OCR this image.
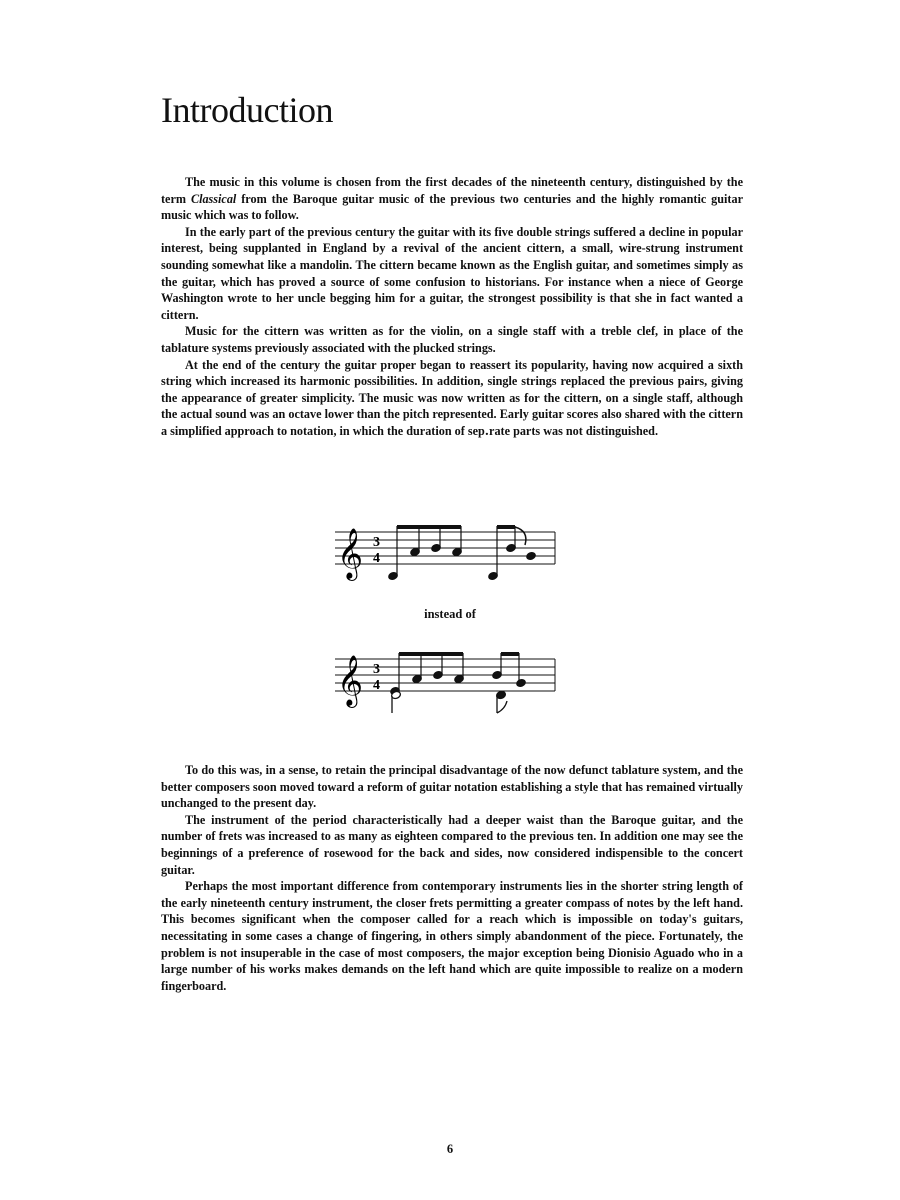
Introduction

The music in this volume is chosen from the first decades of the nineteenth century, distinguished by the term Classical from the Baroque guitar music of the previous two centuries and the highly romantic guitar music which was to follow.

In the early part of the previous century the guitar with its five double strings suffered a decline in popular interest, being supplanted in England by a revival of the ancient cittern, a small, wire-strung instrument sounding somewhat like a mandolin. The cittern became known as the English guitar, and sometimes simply as the guitar, which has proved a source of some confusion to historians. For instance when a niece of George Washington wrote to her uncle begging him for a guitar, the strongest possibility is that she in fact wanted a cittern.

Music for the cittern was written as for the violin, on a single staff with a treble clef, in place of the tablature systems previously associated with the plucked strings.

At the end of the century the guitar proper began to reassert its popularity, having now acquired a sixth string which increased its harmonic possibilities. In addition, single strings replaced the previous pairs, giving the appearance of greater simplicity. The music was now written as for the cittern, on a single staff, although the actual sound was an octave lower than the pitch represented. Early guitar scores also shared with the cittern a simplified approach to notation, in which the duration of sep․rate parts was not distinguished.

𝄞 3
4
instead of
𝄞 3
4

To do this was, in a sense, to retain the principal disadvantage of the now defunct tablature system, and the better composers soon moved toward a reform of guitar notation establishing a style that has remained virtually unchanged to the present day.

The instrument of the period characteristically had a deeper waist than the Baroque guitar, and the number of frets was increased to as many as eighteen compared to the previous ten. In addition one may see the beginnings of a preference of rosewood for the back and sides, now considered indispensible to the concert guitar.

Perhaps the most important difference from contemporary instruments lies in the shorter string length of the early nineteenth century instrument, the closer frets permitting a greater compass of notes by the left hand. This becomes significant when the composer called for a reach which is impossible on today's guitars, necessitating in some cases a change of fingering, in others simply abandonment of the piece. Fortunately, the problem is not insuperable in the case of most composers, the major exception being Dionisio Aguado who in a large number of his works makes demands on the left hand which are quite impossible to realize on a modern fingerboard.

6
